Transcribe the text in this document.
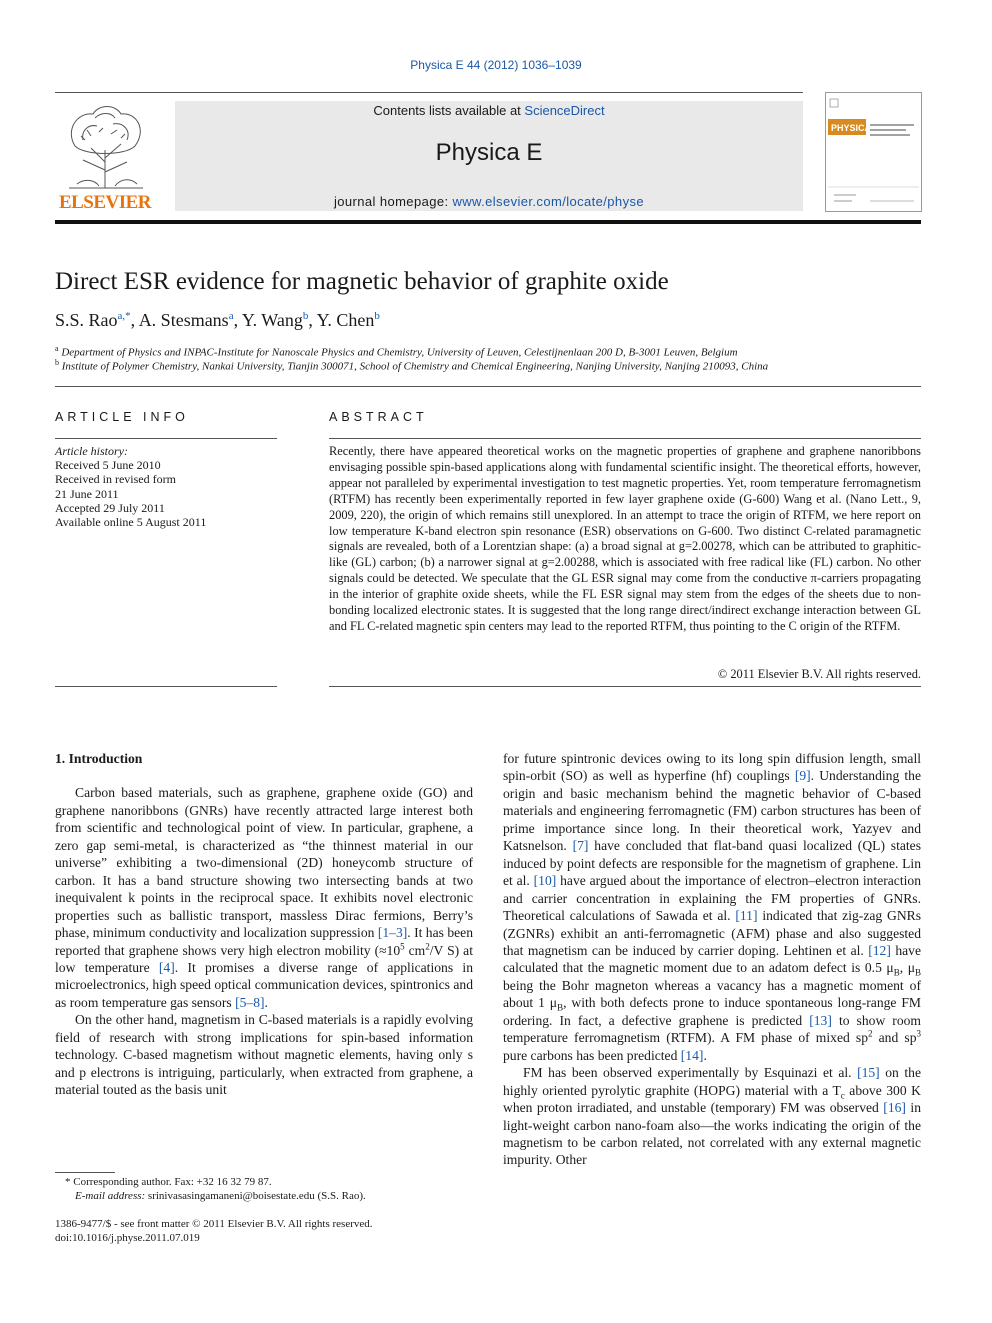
Physica E 44 (2012) 1036–1039
ELSEVIER
Contents lists available at ScienceDirect
Physica E
journal homepage: www.elsevier.com/locate/physe
PHYSICA
Direct ESR evidence for magnetic behavior of graphite oxide
S.S. Rao$^{a,*}$, A. Stesmans$^a$, Y. Wang$^b$, Y. Chen$^b$
$^a$ Department of Physics and INPAC-Institute for Nanoscale Physics and Chemistry, University of Leuven, Celestijnenlaan 200 D, B-3001 Leuven, Belgium
$^b$ Institute of Polymer Chemistry, Nankai University, Tianjin 300071, School of Chemistry and Chemical Engineering, Nanjing University, Nanjing 210093, China
ARTICLE INFO	ABSTRACT
Article history:
Received 5 June 2010
Received in revised form
21 June 2011
Accepted 29 July 2011
Available online 5 August 2011
Recently, there have appeared theoretical works on the magnetic properties of graphene and graphene nanoribbons envisaging possible spin-based applications along with fundamental scientific insight. The theoretical efforts, however, appear not paralleled by experimental investigation to test magnetic properties. Yet, room temperature ferromagnetism (RTFM) has recently been experimentally reported in few layer graphene oxide (G-600) Wang et al. (Nano Lett., 9, 2009, 220), the origin of which remains still unexplored. In an attempt to trace the origin of RTFM, we here report on low temperature K-band electron spin resonance (ESR) observations on G-600. Two distinct C-related paramagnetic signals are revealed, both of a Lorentzian shape: (a) a broad signal at g=2.00278, which can be attributed to graphitic-like (GL) carbon; (b) a narrower signal at g=2.00288, which is associated with free radical like (FL) carbon. No other signals could be detected. We speculate that the GL ESR signal may come from the conductive π-carriers propagating in the interior of graphite oxide sheets, while the FL ESR signal may stem from the edges of the sheets due to non-bonding localized electronic states. It is suggested that the long range direct/indirect exchange interaction between GL and FL C-related magnetic spin centers may lead to the reported RTFM, thus pointing to the C origin of the RTFM.
© 2011 Elsevier B.V. All rights reserved.
1. Introduction

Carbon based materials, such as graphene, graphene oxide (GO) and graphene nanoribbons (GNRs) have recently attracted large interest both from scientific and technological point of view. In particular, graphene, a zero gap semi-metal, is characterized as “the thinnest material in our universe” exhibiting a two-dimensional (2D) honeycomb structure of carbon. It has a band structure showing two intersecting bands at two inequivalent k points in the reciprocal space. It exhibits novel electronic properties such as ballistic transport, massless Dirac fermions, Berry’s phase, minimum conductivity and localization suppression [1–3]. It has been reported that graphene shows very high electron mobility ($\approx 10^5$ $cm^2/V$ S) at low temperature [4]. It promises a diverse range of applications in microelectronics, high speed optical communication devices, spintronics and as room temperature gas sensors [5–8].

On the other hand, magnetism in C-based materials is a rapidly evolving field of research with strong implications for spin-based information technology. C-based magnetism without magnetic elements, having only s and p electrons is intriguing, particularly, when extracted from graphene, a material touted as the basis unit

for future spintronic devices owing to its long spin diffusion length, small spin-orbit (SO) as well as hyperfine (hf) couplings [9]. Understanding the origin and basic mechanism behind the magnetic behavior of C-based materials and engineering ferromagnetic (FM) carbon structures has been of prime importance since long. In their theoretical work, Yazyev and Katsnelson. [7] have concluded that flat-band quasi localized (QL) states induced by point defects are responsible for the magnetism of graphene. Lin et al. [10] have argued about the importance of electron–electron interaction and carrier concentration in explaining the FM properties of GNRs. Theoretical calculations of Sawada et al. [11] indicated that zig-zag GNRs (ZGNRs) exhibit an anti-ferromagnetic (AFM) phase and also suggested that magnetism can be induced by carrier doping. Lehtinen et al. [12] have calculated that the magnetic moment due to an adatom defect is 0.5 $\mu_B$, $\mu_B$ being the Bohr magneton whereas a vacancy has a magnetic moment of about 1 $\mu_B$, with both defects prone to induce spontaneous long-range FM ordering. In fact, a defective graphene is predicted [13] to show room temperature ferromagnetism (RTFM). A FM phase of mixed $sp^2$ and $sp^3$ pure carbons has been predicted [14].

FM has been observed experimentally by Esquinazi et al. [15] on the highly oriented pyrolytic graphite (HOPG) material with a $T_c$ above 300 K when proton irradiated, and unstable (temporary) FM was observed [16] in light-weight carbon nano-foam also—the works indicating the origin of the magnetism to be carbon related, not correlated with any external magnetic impurity. Other

* Corresponding author. Fax: +32 16 32 79 87.
E-mail address: srinivasasingamaneni@boisestate.edu (S.S. Rao).
1386-9477/$ - see front matter © 2011 Elsevier B.V. All rights reserved.
doi:10.1016/j.physe.2011.07.019
